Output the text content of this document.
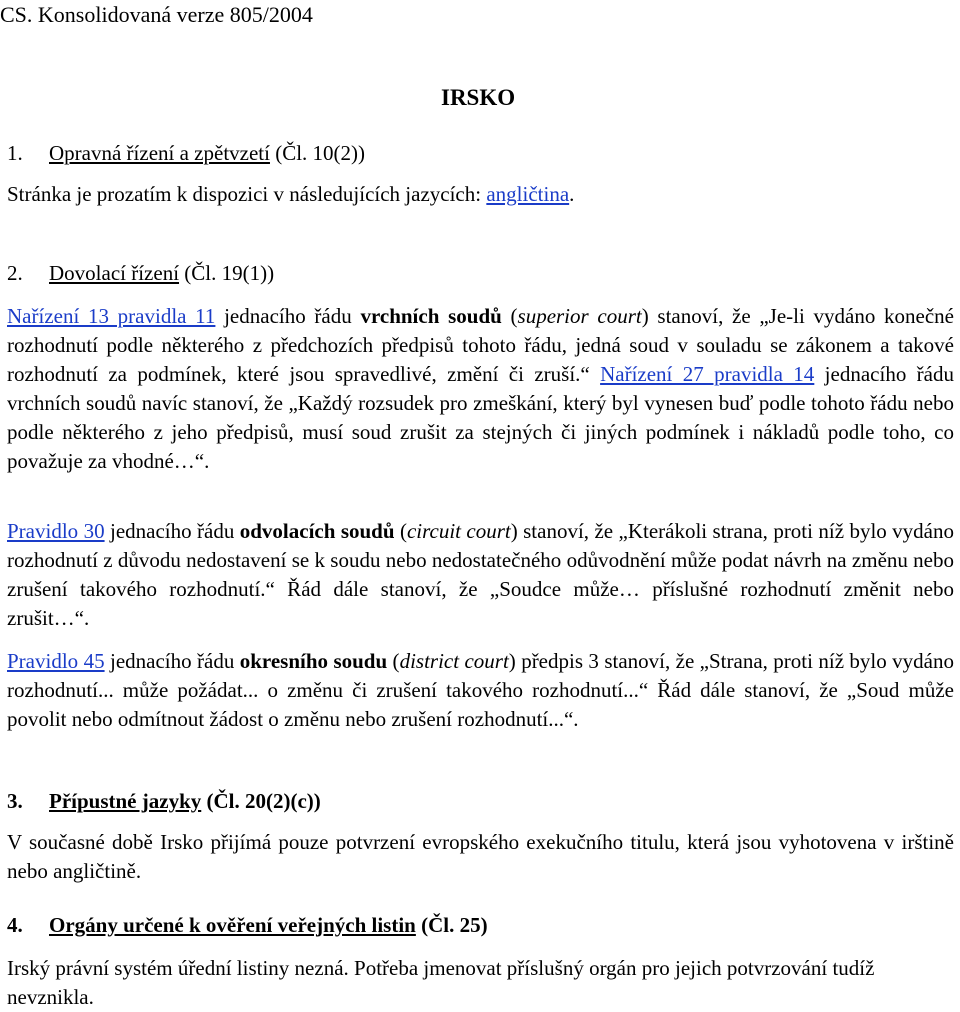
CS. Konsolidovaná verze 805/2004
IRSKO

1. Opravná řízení a zpětvzetí (Čl. 10(2))

Stránka je prozatím k dispozici v následujících jazycích: angličtina.

2. Dovolací řízení (Čl. 19(1))

Nařízení 13 pravidla 11 jednacího řádu vrchních soudů (superior court) stanoví, že „Je-li vydáno konečné rozhodnutí podle některého z předchozích předpisů tohoto řádu, jedná soud v souladu se zákonem a takové rozhodnutí za podmínek, které jsou spravedlivé, změní či zruší.“ Nařízení 27 pravidla 14 jednacího řádu vrchních soudů navíc stanoví, že „Každý rozsudek pro zmeškání, který byl vynesen buď podle tohoto řádu nebo podle některého z jeho předpisů, musí soud zrušit za stejných či jiných podmínek i nákladů podle toho, co považuje za vhodné…“.

Pravidlo 30 jednacího řádu odvolacích soudů (circuit court) stanoví, že „Kterákoli strana, proti níž bylo vydáno rozhodnutí z důvodu nedostavení se k soudu nebo nedostatečného odůvodnění může podat návrh na změnu nebo zrušení takového rozhodnutí.“ Řád dále stanoví, že „Soudce může… příslušné rozhodnutí změnit nebo zrušit…“.

Pravidlo 45 jednacího řádu okresního soudu (district court) předpis 3 stanoví, že „Strana, proti níž bylo vydáno rozhodnutí... může požádat... o změnu či zrušení takového rozhodnutí...“ Řád dále stanoví, že „Soud může povolit nebo odmítnout žádost o změnu nebo zrušení rozhodnutí...“.

3. Přípustné jazyky (Čl. 20(2)(c))

V současné době Irsko přijímá pouze potvrzení evropského exekučního titulu, která jsou vyhotovena v irštině nebo angličtině.

4. Orgány určené k ověření veřejných listin (Čl. 25)

Irský právní systém úřední listiny nezná. Potřeba jmenovat příslušný orgán pro jejich potvrzování tudíž nevznikla.
